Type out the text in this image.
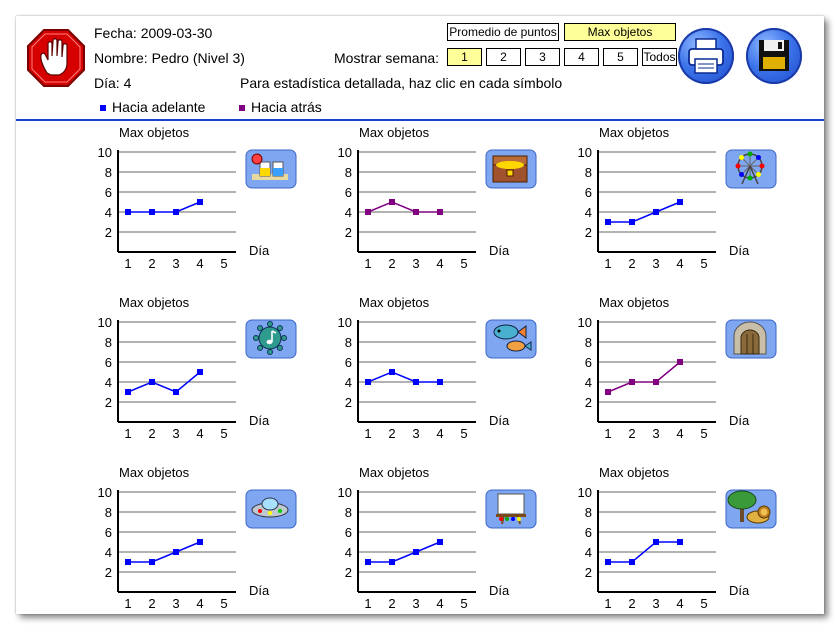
Fecha: 2009-03-30
Nombre: Pedro (Nivel 3)
Día: 4
Mostrar semana:
Para estadística detallada, haz clic en cada símbolo
Promedio de puntos	Max objetos
1	2	3	4	5	Todos
Hacia adelante	Hacia atrás
Max objetos
2
4
6
8
10
1 2 3 4 5
Día
Max objetos
2
4
6
8
10
1 2 3 4 5
Día
Max objetos
2
4
6
8
10
1 2 3 4 5
Día
Max objetos
2
4
6
8
10
1 2 3 4 5
Día
Max objetos
2
4
6
8
10
1 2 3 4 5
Día
Max objetos
2
4
6
8
10
1 2 3 4 5
Día
Max objetos
2
4
6
8
10
1 2 3 4 5
Día
Max objetos
2
4
6
8
10
1 2 3 4 5
Día
Max objetos
2
4
6
8
10
1 2 3 4 5
Día
